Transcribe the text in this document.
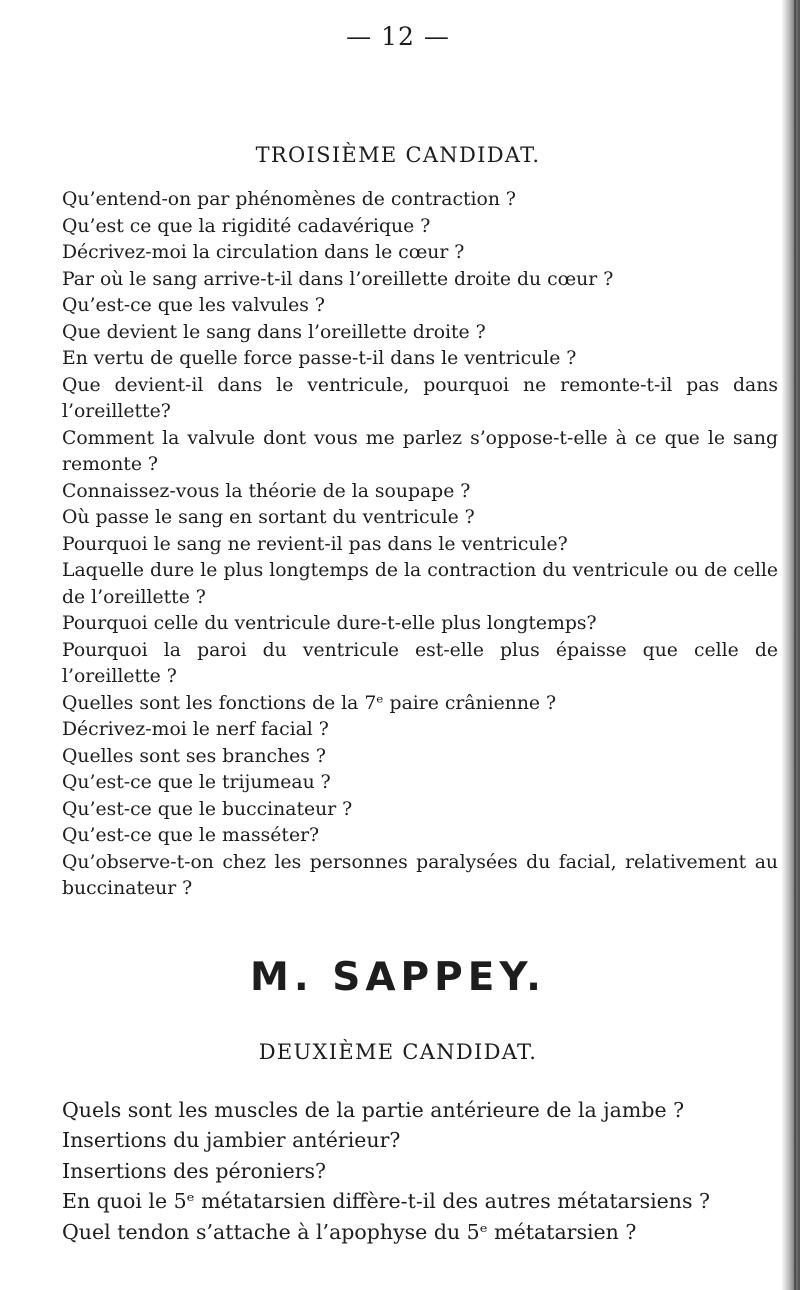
— 12 —
TROISIÈME CANDIDAT.
Qu’entend-on par phénomènes de contraction ?
Qu’est ce que la rigidité cadavérique ?
Décrivez-moi la circulation dans le cœur ?
Par où le sang arrive-t-il dans l’oreillette droite du cœur ?
Qu’est-ce que les valvules ?
Que devient le sang dans l’oreillette droite ?
En vertu de quelle force passe-t-il dans le ventricule ?
Que devient-il dans le ventricule, pourquoi ne remonte-t-il pas dans l’oreillette?
Comment la valvule dont vous me parlez s’oppose-t-elle à ce que le sang remonte ?
Connaissez-vous la théorie de la soupape ?
Où passe le sang en sortant du ventricule ?
Pourquoi le sang ne revient-il pas dans le ventricule?
Laquelle dure le plus longtemps de la contraction du ventricule ou de celle de l’oreillette ?
Pourquoi celle du ventricule dure-t-elle plus longtemps?
Pourquoi la paroi du ventricule est-elle plus épaisse que celle de l’oreillette ?
Quelles sont les fonctions de la 7ᵉ paire crânienne ?
Décrivez-moi le nerf facial ?
Quelles sont ses branches ?
Qu’est-ce que le trijumeau ?
Qu’est-ce que le buccinateur ?
Qu’est-ce que le masséter?
Qu’observe-t-on chez les personnes paralysées du facial, relativement au buccinateur ?
M. SAPPEY.
DEUXIÈME CANDIDAT.
Quels sont les muscles de la partie antérieure de la jambe ?
Insertions du jambier antérieur?
Insertions des péroniers?
En quoi le 5ᵉ métatarsien diffère-t-il des autres métatarsiens ?
Quel tendon s’attache à l’apophyse du 5ᵉ métatarsien ?
